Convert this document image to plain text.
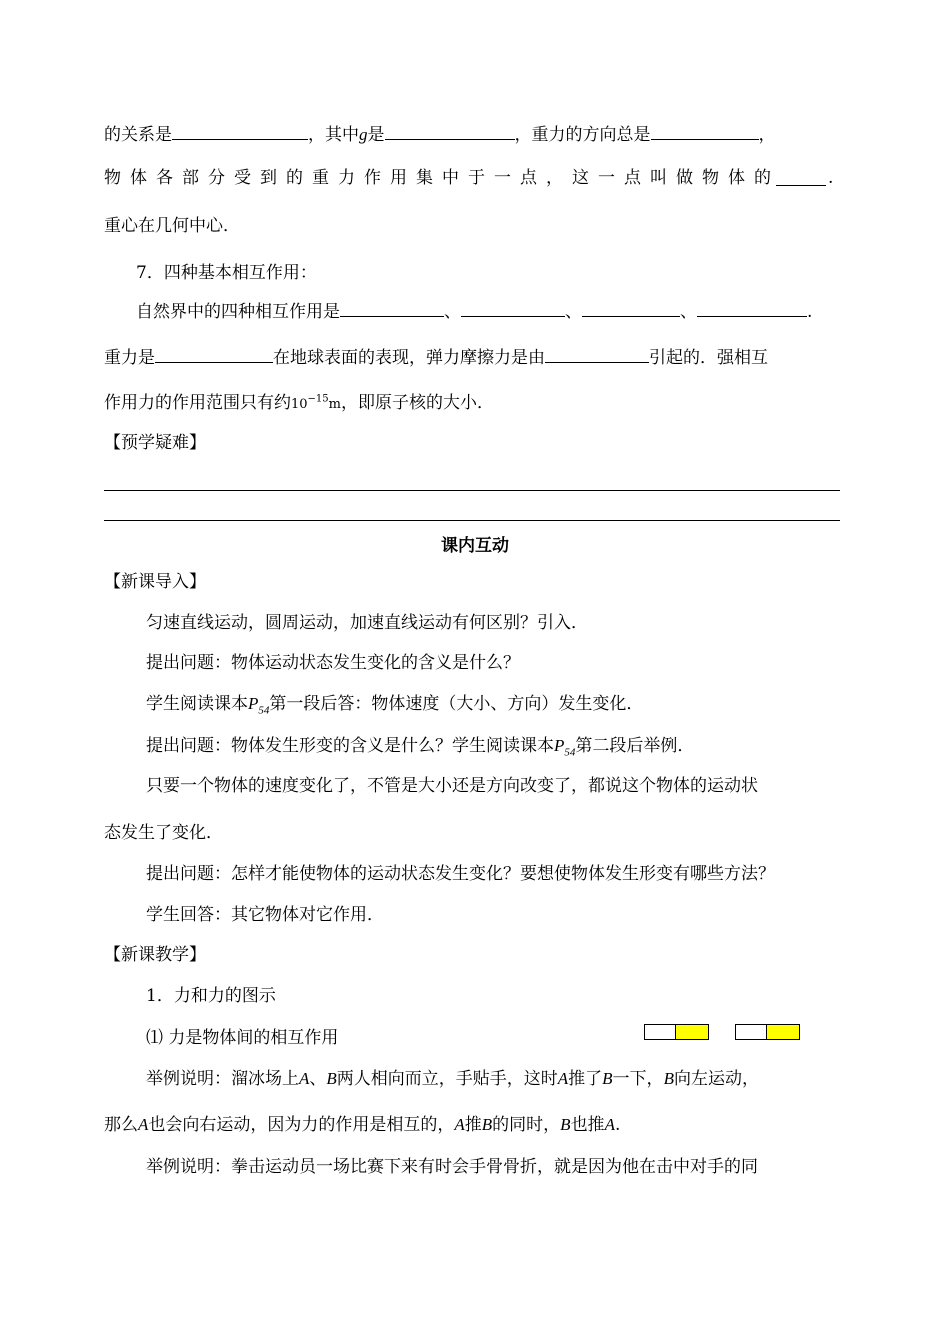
的关系是	，其中g是	，重力的方向总是	，
物体各部分受到的重力作用集中于一点，这一点叫做物体的	.
重心在几何中心．
7．四种基本相互作用：
自然界中的四种相互作用是	、	、	、	.
重力是	在地球表面的表现，弹力摩擦力是由	引起的．强相互
作用力的作用范围只有约$10^{-15}m$，即原子核的大小．
【预学疑难】
课内互动
【新课导入】
匀速直线运动，圆周运动，加速直线运动有何区别？引入．
提出问题：物体运动状态发生变化的含义是什么？
学生阅读课本$P_{54}$第一段后答：物体速度（大小、方向）发生变化．
提出问题：物体发生形变的含义是什么？学生阅读课本$P_{54}$第二段后举例．
只要一个物体的速度变化了，不管是大小还是方向改变了，都说这个物体的运动状
态发生了变化．
提出问题：怎样才能使物体的运动状态发生变化？要想使物体发生形变有哪些方法？
学生回答：其它物体对它作用．
【新课教学】
1．力和力的图示
⑴ 力是物体间的相互作用
举例说明：溜冰场上A、B两人相向而立，手贴手，这时A推了B一下，B向左运动，
那么A也会向右运动，因为力的作用是相互的，A推B的同时，B也推A.
举例说明：拳击运动员一场比赛下来有时会手骨骨折，就是因为他在击中对手的同
